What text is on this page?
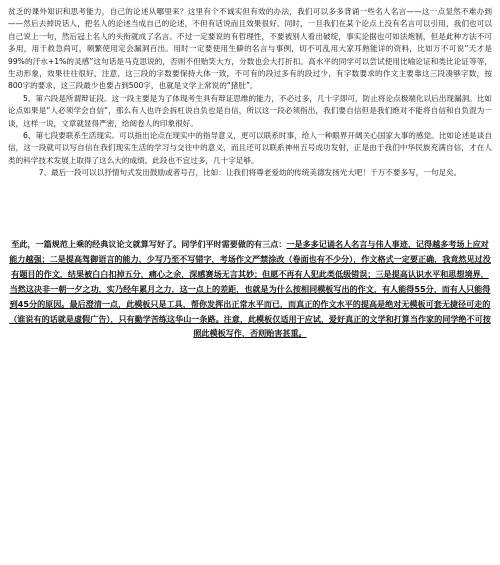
贫乏的课外知识和思考能力，自己的论述从哪里来？这里有个不诚实但有效的办法，我们可以多多背诵一些名人名言——这一点显然不难办到——然后去掉说话人，把名人的论述当成自己的论述，不但有话说而且效果很好。同时，一旦我们在某个论点上没有名言可以引用，我们也可以自己说上一句，然后冠上名人的头衔就成了名言。不过一定要说的有哲理性，不要被别人看出破绽，事实论据也可如法炮制，但是此种方法不可多用，用于救急尚可，频繁使用定会漏洞百出。用时一定要使用生僻的名言与事例，切不可乱用大家耳熟能详的资料，比如万不可说“天才是99%的汗水+1%的灵感”这句话是马克思说的，否则不但贻笑大方，分数也会大打折扣。高水平的同学可以尝试使用比喻论证和类比论证等等，生动形象，效果往往很好，注意，这三段的字数要保持大体一致，不可有的段过多有的段过少，有字数要求的作文主要靠这三段凑够字数，按800字的要求，这三段最少也要占到500字，也就是文学上常说的“猪肚”。

5、第六段是所谓辩证段。这一段主要是为了体现考生具有辩证思维的能力，不必过多，几十字即可，防止将论点极端化以后出现漏洞。比如论点如果是“人必须学会自信”，那么有人也许会拆杠说自负也是自信，所以这一段必须指出，我们要自信但是我们绝对不能将自信和自负混为一谈，这样一说，文章就显得严密，给阅卷人的印象很好。

6、第七段要联系生活现实。可以指出论点在现实中的指导意义，更可以联系时事，给人一种眼界开阔关心国家大事的感觉。比如论述是谈自信，这一段就可以写自信在我们现实生活的学习与交往中的意义，而且还可以联系神州五号成功发射，正是由于我们中华民族充满自信，才在人类的科学技术发展上取得了这么大的成绩。此段也不宜过多，几十字足够。

7、最后一段可以以抒情句式发出鼓励或者号召，比如：让我们将尊老爱幼的传统美德发扬光大吧！千万不要多写，一句足矣。

至此，一篇规范上乘的经典议论文就算写好了。同学们平时需要做的有三点：一是多多记诵名人名言与伟人事迹，记得越多考场上应对能力越强；二是提高驾御语言的能力，少写乃至不写错字，考场作文严禁涂改（卷面也有不少分），作文格式一定要正确，我竟然见过没有题目的作文，结果被白白扣掉五分，痛心之余，深感赛场无言其妙；但愿不再有人犯此类低级错误；三是提高认识水平和思想境界，当然这决非一朝一夕之功，实乃经年累月之力，这一点上的差距，也就是为什么按相同模板写出的作文，有人能得55分，而有人只能得到45分的原因。最后澄清一点，此模板只是工具，帮你发挥出正常水平而已，而真正的作文水平的提高是绝对无模板可套无捷径可走的（谁说有的话就是虚假广告），只有勤学苦练这华山一条路。注意，此模板仅适用于应试，爱好真正的文学和打算当作家的同学绝不可按照此模板写作，否则贻害甚重。
